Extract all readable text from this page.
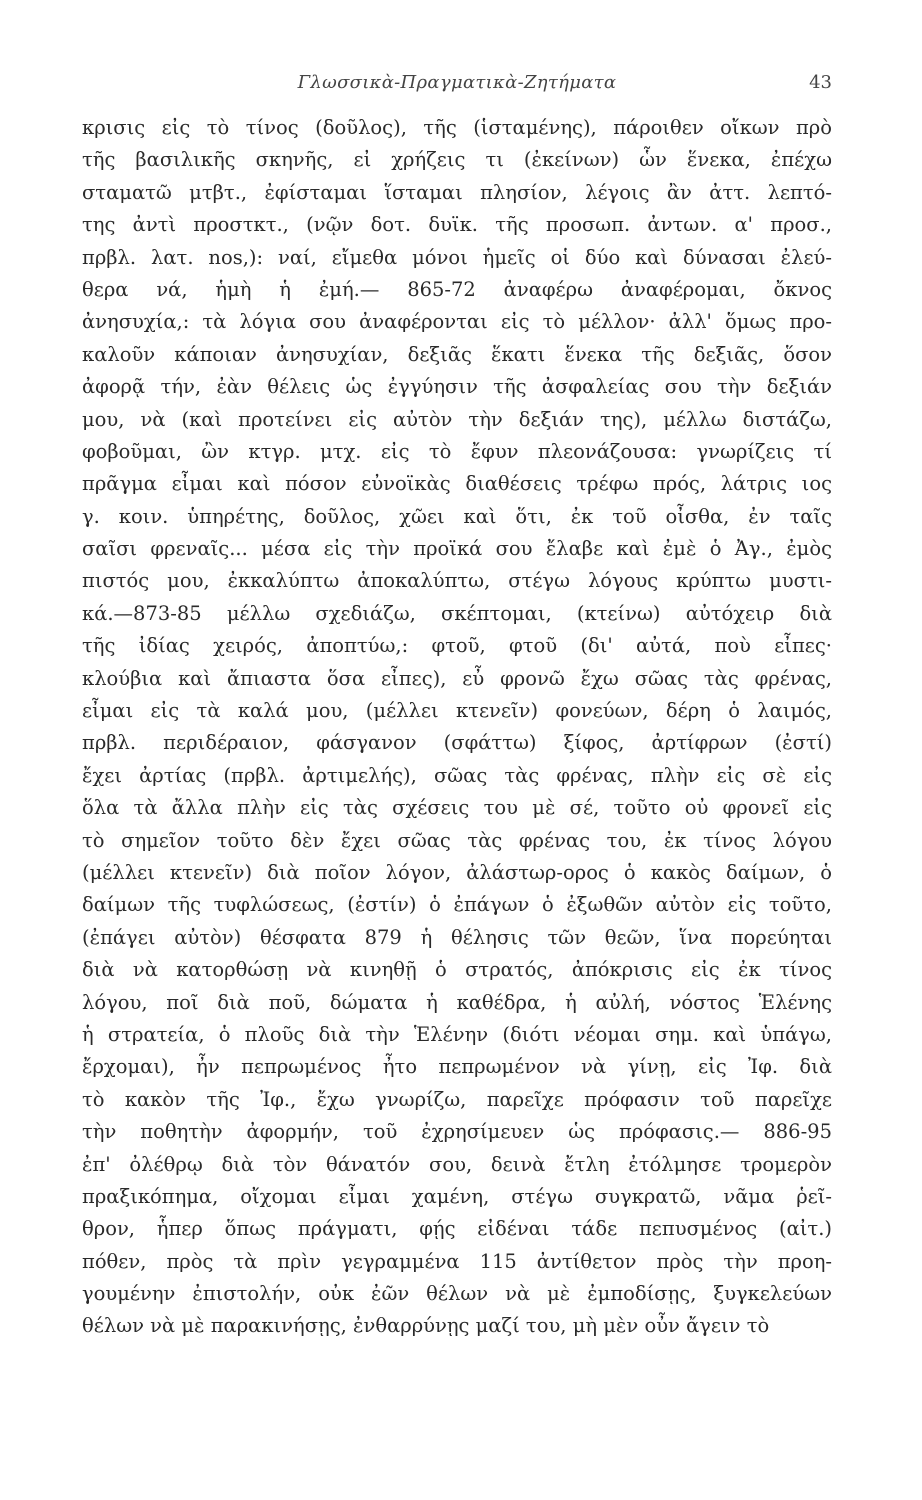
Γλωσσικὰ-Πραγματικὰ-Ζητήματα	43
κρισις εἰς τὸ τίνος (δοῦλος), τῆς (ἱσταμένης), πάροιθεν οἴκων πρὸ
τῆς βασιλικῆς σκηνῆς, εἰ χρήζεις τι (ἐκείνων) ὧν ἕνεκα, ἐπέχω
σταματῶ μτβτ., ἐφίσταμαι ἵσταμαι πλησίον, λέγοις ἂν ἀττ. λεπτό-
της ἀντὶ προστκτ., (νῷν δοτ. δυϊκ. τῆς προσωπ. ἀντων. α' προσ.,
πρβλ. λατ. nos,): ναί, εἴμεθα μόνοι ἡμεῖς οἱ δύο καὶ δύνασαι ἐλεύ-
θερα νά, ἡμὴ ἡ ἐμή.— 865-72 ἀναφέρω ἀναφέρομαι, ὄκνος
ἀνησυχία,: τὰ λόγια σου ἀναφέρονται εἰς τὸ μέλλον· ἀλλ' ὅμως προ-
καλοῦν κάποιαν ἀνησυχίαν, δεξιᾶς ἕκατι ἕνεκα τῆς δεξιᾶς, ὅσον
ἀφορᾷ τήν, ἐὰν θέλεις ὡς ἐγγύησιν τῆς ἀσφαλείας σου τὴν δεξιάν
μου, νὰ (καὶ προτείνει εἰς αὐτὸν τὴν δεξιάν της), μέλλω διστάζω,
φοβοῦμαι, ὢν κτγρ. μτχ. εἰς τὸ ἔφυν πλεονάζουσα: γνωρίζεις τί
πρᾶγμα εἶμαι καὶ πόσον εὐνοϊκὰς διαθέσεις τρέφω πρός, λάτρις ιος
γ. κοιν. ὑπηρέτης, δοῦλος, χῶει καὶ ὅτι, ἐκ τοῦ οἶσθα, ἐν ταῖς
σαῖσι φρεναῖς... μέσα εἰς τὴν προϊκά σου ἔλαβε καὶ ἐμὲ ὁ Ἀγ., ἐμὸς
πιστός μου, ἐκκαλύπτω ἀποκαλύπτω, στέγω λόγους κρύπτω μυστι-
κά.—873-85 μέλλω σχεδιάζω, σκέπτομαι, (κτείνω) αὐτόχειρ διὰ
τῆς ἰδίας χειρός, ἀποπτύω,: φτοῦ, φτοῦ (δι' αὐτά, ποὺ εἶπες·
κλούβια καὶ ἄπιαστα ὅσα εἶπες), εὖ φρονῶ ἔχω σῶας τὰς φρένας,
εἶμαι εἰς τὰ καλά μου, (μέλλει κτενεῖν) φονεύων, δέρη ὁ λαιμός,
πρβλ. περιδέραιον, φάσγανον (σφάττω) ξίφος, ἀρτίφρων (ἐστί)
ἔχει ἀρτίας (πρβλ. ἀρτιμελής), σῶας τὰς φρένας, πλὴν εἰς σὲ εἰς
ὅλα τὰ ἄλλα πλὴν εἰς τὰς σχέσεις του μὲ σέ, τοῦτο οὐ φρονεῖ εἰς
τὸ σημεῖον τοῦτο δὲν ἔχει σῶας τὰς φρένας του, ἐκ τίνος λόγου
(μέλλει κτενεῖν) διὰ ποῖον λόγον, ἀλάστωρ-ορος ὁ κακὸς δαίμων, ὁ
δαίμων τῆς τυφλώσεως, (ἐστίν) ὁ ἐπάγων ὁ ἐξωθῶν αὐτὸν εἰς τοῦτο,
(ἐπάγει αὐτὸν) θέσφατα 879 ἡ θέλησις τῶν θεῶν, ἵνα πορεύηται
διὰ νὰ κατορθώσῃ νὰ κινηθῇ ὁ στρατός, ἀπόκρισις εἰς ἐκ τίνος
λόγου, ποῖ διὰ ποῦ, δώματα ἡ καθέδρα, ἡ αὐλή, νόστος Ἑλένης
ἡ στρατεία, ὁ πλοῦς διὰ τὴν Ἑλένην (διότι νέομαι σημ. καὶ ὑπάγω,
ἔρχομαι), ἦν πεπρωμένος ἦτο πεπρωμένον νὰ γίνῃ, εἰς Ἰφ. διὰ
τὸ κακὸν τῆς Ἰφ., ἔχω γνωρίζω, παρεῖχε πρόφασιν τοῦ παρεῖχε
τὴν ποθητὴν ἀφορμήν, τοῦ ἐχρησίμευεν ὡς πρόφασις.— 886-95
ἐπ' ὀλέθρῳ διὰ τὸν θάνατόν σου, δεινὰ ἔτλη ἐτόλμησε τρομερὸν
πραξικόπημα, οἴχομαι εἶμαι χαμένη, στέγω συγκρατῶ, νᾶμα ῥεῖ-
θρον, ἧπερ ὅπως πράγματι, φῄς εἰδέναι τάδε πεπυσμένος (αἰτ.)
πόθεν, πρὸς τὰ πρὶν γεγραμμένα 115 ἀντίθετον πρὸς τὴν προη-
γουμένην ἐπιστολήν, οὐκ ἐῶν θέλων νὰ μὲ ἐμποδίσῃς, ξυγκελεύων
θέλων νὰ μὲ παρακινήσῃς, ἐνθαρρύνῃς μαζί του, μὴ μὲν οὖν ἄγειν τὸ
